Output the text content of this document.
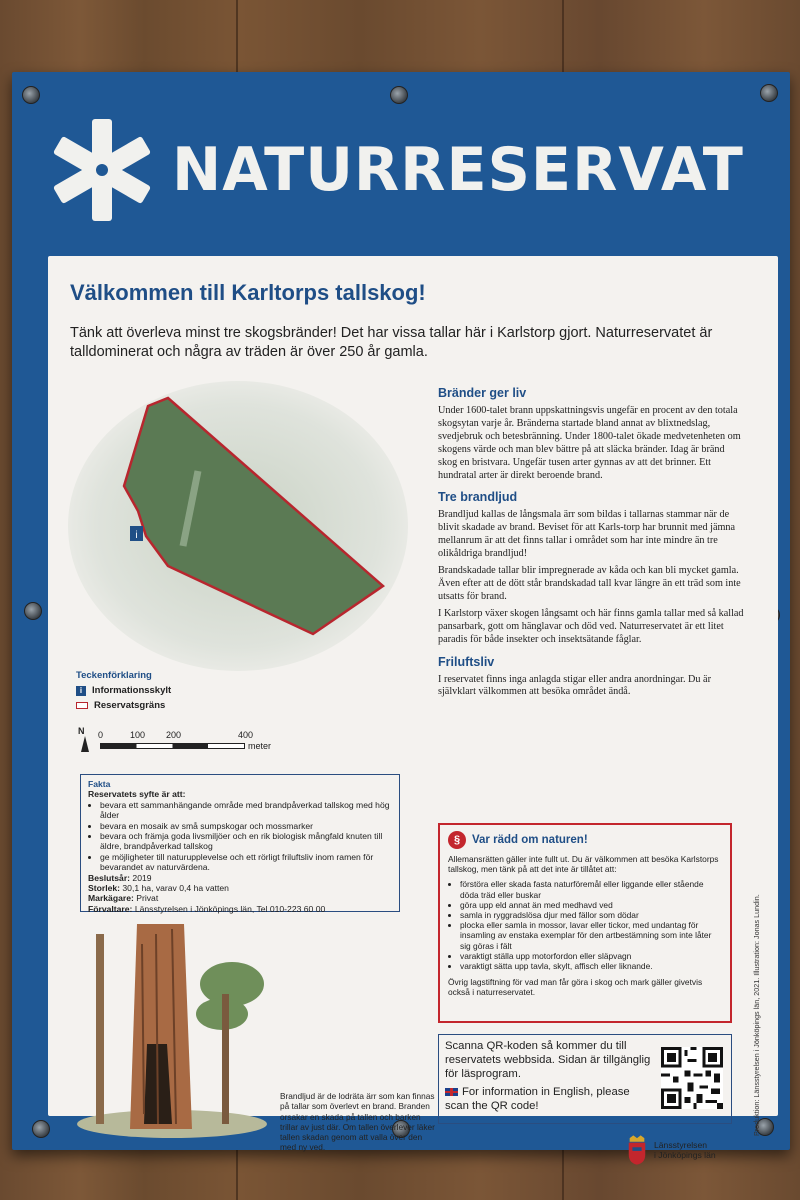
NATURRESERVAT
Välkommen till Karltorps tallskog!
Tänk att överleva minst tre skogsbränder! Det har vissa tallar här i Karlstorp gjort. Naturreservatet är talldominerat och några av träden är över 250 år gamla.
i
Teckenförklaring
i	Informationsskylt
Reservatsgräns
N 0	100 200	400
meter
Fakta
Reservatets syfte är att:
• bevara ett sammanhängande område med brandpåverkad tallskog med hög ålder
• bevara en mosaik av små sumpskogar och mossmarker
• bevara och främja goda livsmiljöer och en rik biologisk mångfald knuten till äldre, brandpåverkad tallskog
• ge möjligheter till naturupplevelse och ett rörligt friluftsliv inom ramen för bevarandet av naturvärdena.
Beslutsår: 2019
Storlek: 30,1 ha, varav 0,4 ha vatten
Markägare: Privat
Förvaltare: Länsstyrelsen i Jönköpings län, Tel 010-223 60 00
Brandljud är de lodräta ärr som kan finnas på tallar som överlevt en brand. Branden orsakar en skada på tallen och barken trillar av just där. Om tallen överlever läker tallen skadan genom att valla över den med ny ved.
Bränder ger liv
Under 1600-talet brann uppskattningsvis ungefär en procent av den totala skogsytan varje år. Bränderna startade bland annat av blixtnedslag, svedjebruk och betesbränning. Under 1800-talet ökade medvetenheten om skogens värde och man blev bättre på att släcka bränder. Idag är bränd skog en bristvara. Ungefär tusen arter gynnas av att det brinner. Ett hundratal arter är direkt beroende brand.
Tre brandljud
Brandljud kallas de långsmala ärr som bildas i tallarnas stammar när de blivit skadade av brand. Beviset för att Karls-torp har brunnit med jämna mellanrum är att det finns tallar i området som har inte mindre än tre olikåldriga brandljud!
Brandskadade tallar blir impregnerade av kåda och kan bli mycket gamla. Även efter att de dött står brandskadad tall kvar längre än ett träd som inte utsatts för brand.
I Karlstorp växer skogen långsamt och här finns gamla tallar med så kallad pansarbark, gott om hänglavar och död ved. Naturreservatet är ett litet paradis för både insekter och insektsätande fåglar.
Friluftsliv
I reservatet finns inga anlagda stigar eller andra anordningar. Du är självklart välkommen att besöka området ändå.
§	Var rädd om naturen!
Allemansrätten gäller inte fullt ut. Du är välkommen att besöka Karlstorps tallskog, men tänk på att det inte är tillåtet att:
• förstöra eller skada fasta naturföremål eller liggande eller stående döda träd eller buskar
• göra upp eld annat än med medhavd ved
• samla in ryggradslösa djur med fällor som dödar
• plocka eller samla in mossor, lavar eller tickor, med undantag för insamling av enstaka exemplar för den artbestämning som inte låter sig göras i fält
• varaktigt ställa upp motorfordon eller släpvagn
• varaktigt sätta upp tavla, skylt, affisch eller liknande.
Övrig lagstiftning för vad man får göra i skog och mark gäller givetvis också i naturreservatet.
Scanna QR-koden så kommer du till reservatets webbsida. Sidan är tillgänglig för läsprogram.
For information in English, please scan the QR code!
Länsstyrelsen
i Jönköpings län
Produktion: Länsstyrelsen i Jönköpings län, 2021. Illustration: Jonas Lundin.
